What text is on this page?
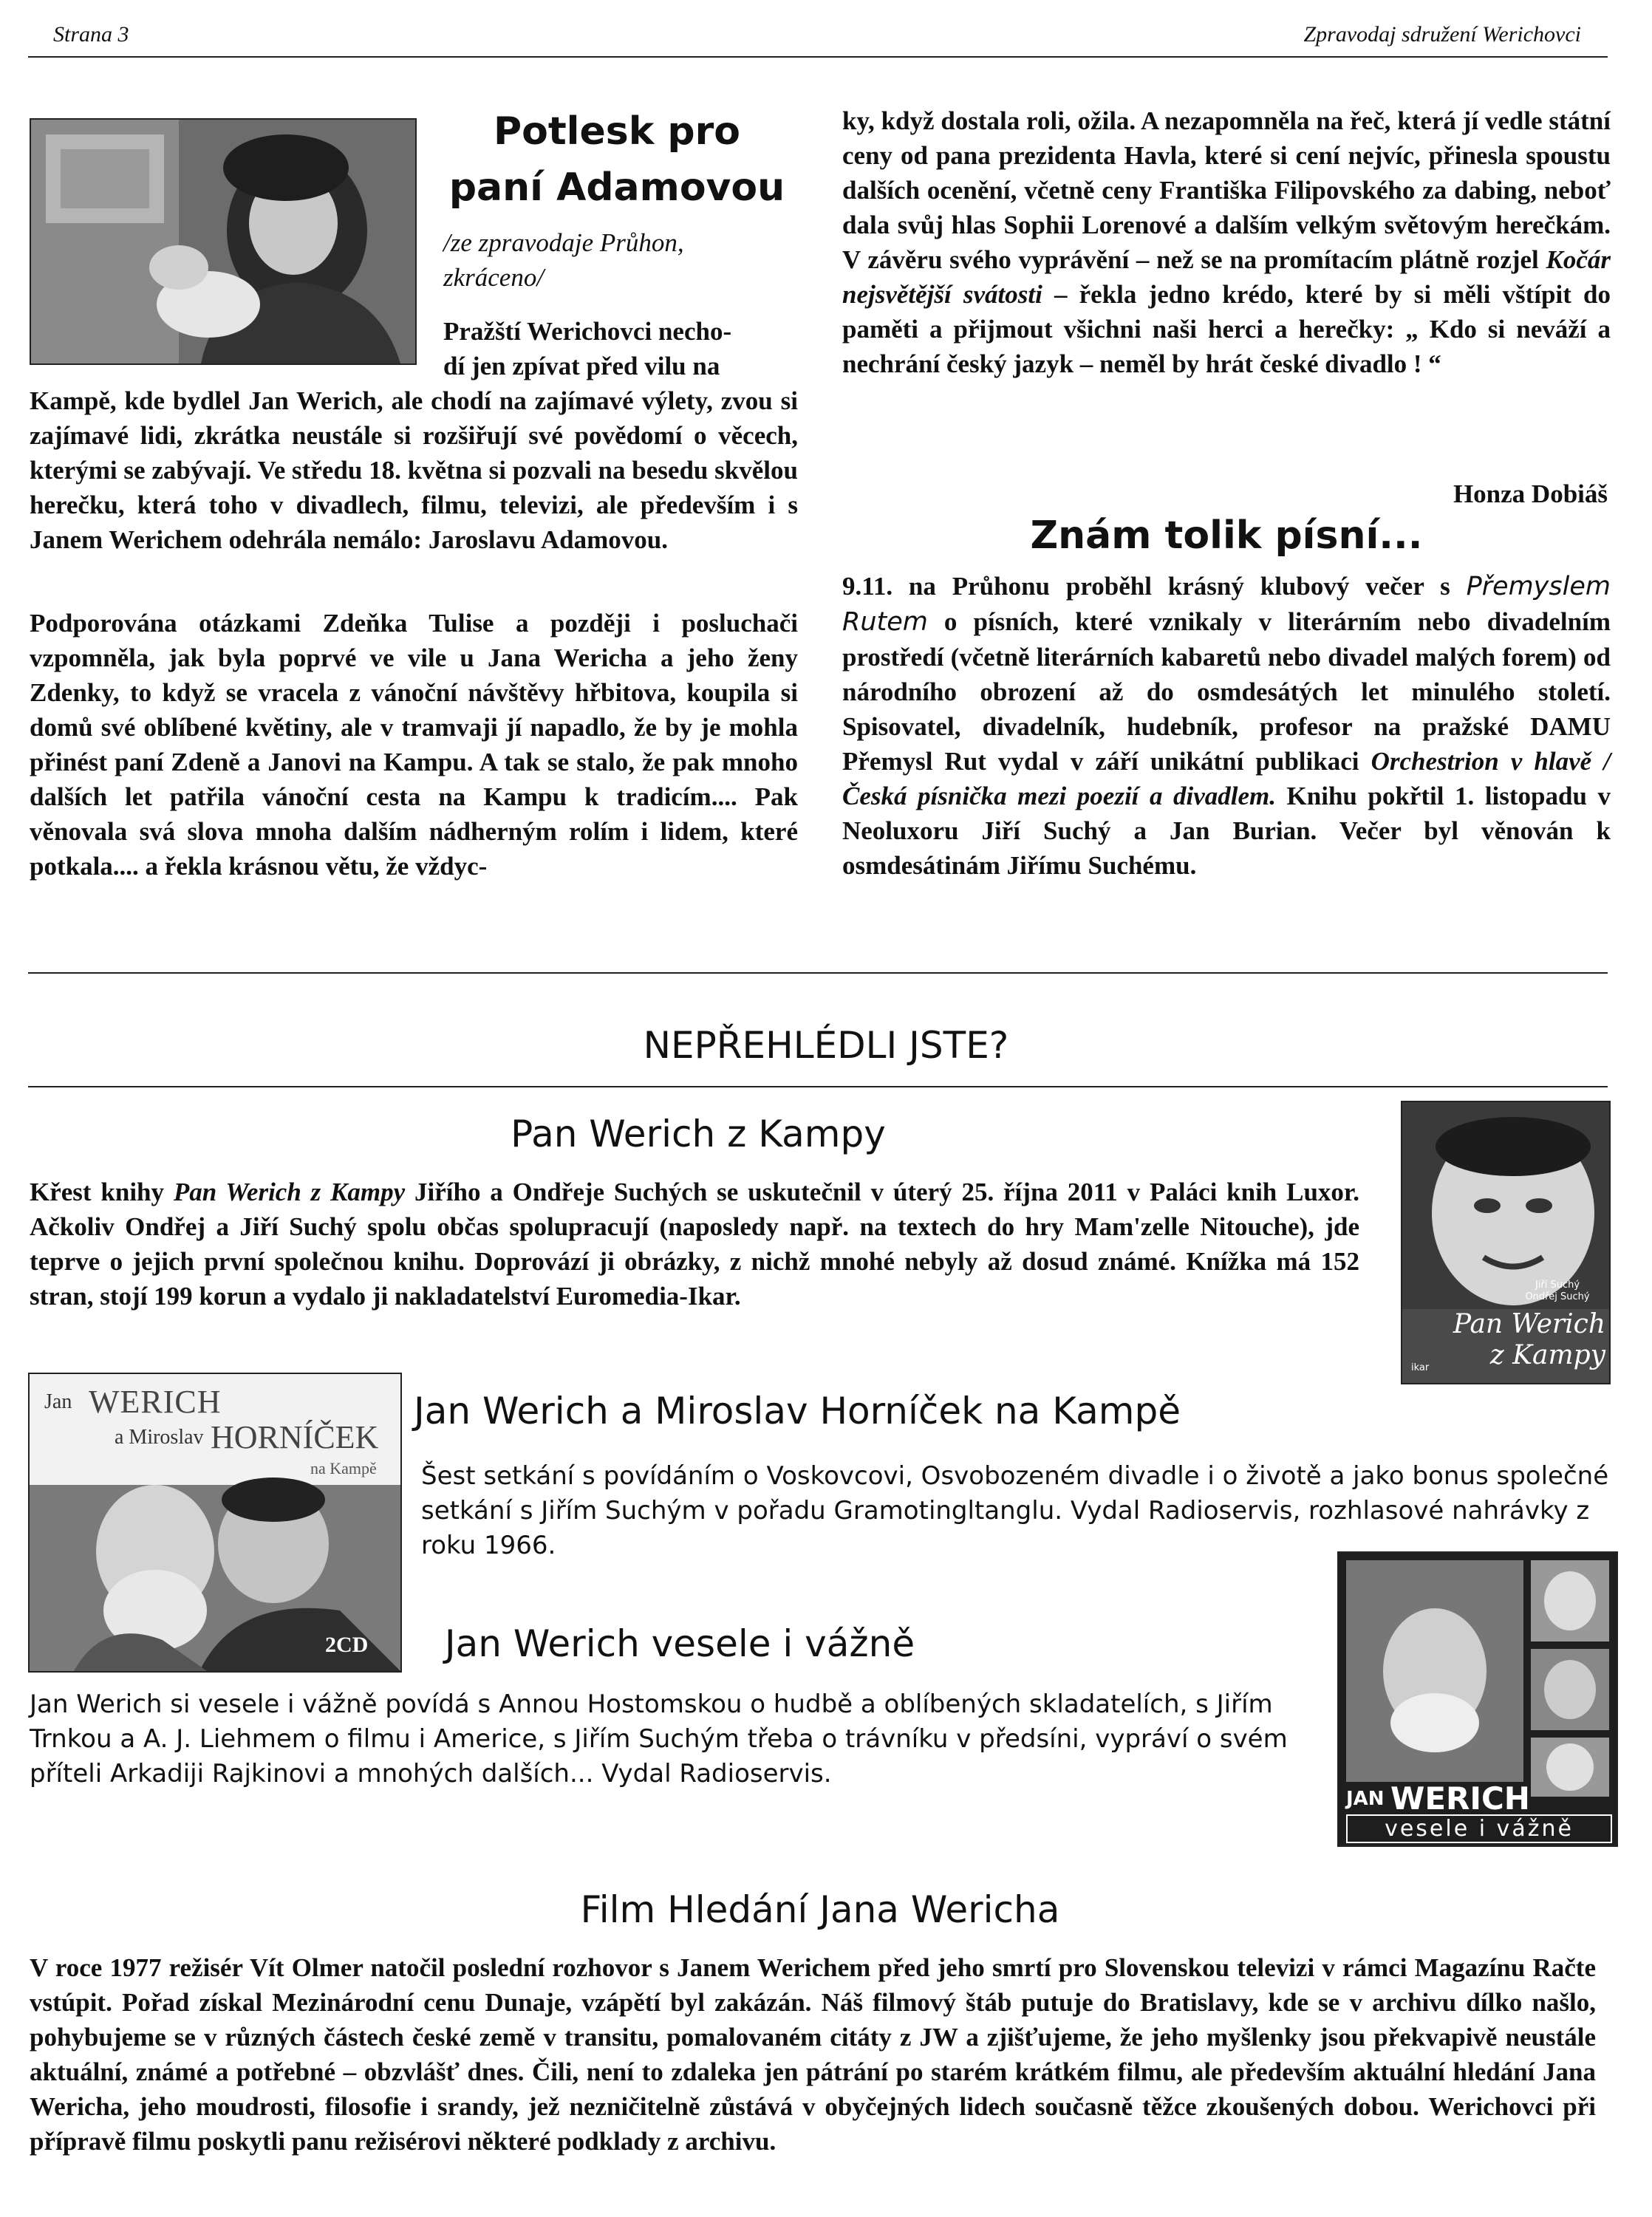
Strana 3	Zpravodaj sdružení Werichovci
Potlesk pro
paní Adamovou
/ze zpravodaje Průhon,
zkráceno/
Pražští Werichovci necho-
dí jen zpívat před vilu na
Kampě, kde bydlel Jan Werich, ale chodí na zajímavé výlety, zvou si zajímavé lidi, zkrátka neustále si rozšiřují své povědomí o věcech, kterými se zabývají. Ve středu 18. května si pozvali na besedu skvělou herečku, která toho v divadlech, filmu, televizi, ale především i s Janem Werichem odehrála nemálo: Jaroslavu Adamovou.
Podporována otázkami Zdeňka Tulise a později i posluchači vzpomněla, jak byla poprvé ve vile u Jana Wericha a jeho ženy Zdenky, to když se vracela z vánoční návštěvy hřbitova, koupila si domů své oblíbené květiny, ale v tramvaji jí napadlo, že by je mohla přinést paní Zdeně a Janovi na Kampu. A tak se stalo, že pak mnoho dalších let patřila vánoční cesta na Kampu k tradicím.... Pak věnovala svá slova mnoha dalším nádherným rolím i lidem, které potkala.... a řekla krásnou větu, že vždyc-
ky, když dostala roli, ožila. A nezapomněla na řeč, která jí vedle státní ceny od pana prezidenta Havla, které si cení nejvíc, přinesla spoustu dalších ocenění, včetně ceny Františka Filipovského za dabing, neboť dala svůj hlas Sophii Lorenové a dalším velkým světovým herečkám. V závěru svého vyprávění – než se na promítacím plátně rozjel Kočár nejsvětější svátosti – řekla jedno krédo, které by si měli vštípit do paměti a přijmout všichni naši herci a herečky: „ Kdo si neváží a nechrání český jazyk – neměl by hrát české divadlo ! “
Honza Dobiáš
Znám tolik písní...
9.11. na Průhonu proběhl krásný klubový večer s Přemyslem Rutem o písních, které vznikaly v literárním nebo divadelním prostředí (včetně literárních kabaretů nebo divadel malých forem) od národního obrození až do osmdesátých let minulého století. Spisovatel, divadelník, hudebník, profesor na pražské DAMU Přemysl Rut vydal v září unikátní publikaci Orchestrion v hlavě / Česká písnička mezi poezií a divadlem. Knihu pokřtil 1. listopadu v Neoluxoru Jiří Suchý a Jan Burian. Večer byl věnován k osmdesátinám Jiřímu Suchému.
NEPŘEHLÉDLI JSTE?
Pan Werich z Kampy
Křest knihy Pan Werich z Kampy Jiřího a Ondřeje Suchých se uskutečnil v úterý 25. října 2011 v Paláci knih Luxor. Ačkoliv Ondřej a Jiří Suchý spolu občas spolupracují (naposledy např. na textech do hry Mam'zelle Nitouche), jde teprve o jejich první společnou knihu. Doprovází ji obrázky, z nichž mnohé nebyly až dosud známé. Knížka má 152 stran, stojí 199 korun a vydalo ji nakladatelství Euromedia-Ikar.	Jiří Suchý
Ondřej Suchý
Pan Werich
z Kampy
ikar
Jan WERICH
a Miroslav HORNÍČEK
na Kampě
2CD
Jan Werich a Miroslav Horníček na Kampě
Šest setkání s povídáním o Voskovcovi, Osvobozeném divadle i o životě a jako bonus společné setkání s Jiřím Suchým v pořadu Gramotingltanglu. Vydal Radioservis, rozhlasové nahrávky z roku 1966.
JAN WERICH
vesele i vážně
Jan Werich vesele i vážně
Jan Werich si vesele i vážně povídá s Annou Hostomskou o hudbě a oblíbených skladatelích, s Jiřím Trnkou a A. J. Liehmem o filmu i Americe, s Jiřím Suchým třeba o trávníku v předsíni, vypráví o svém příteli Arkadiji Rajkinovi a mnohých dalších... Vydal Radioservis.
Film Hledání Jana Wericha
V roce 1977 režisér Vít Olmer natočil poslední rozhovor s Janem Werichem před jeho smrtí pro Slovenskou televizi v rámci Magazínu Račte vstúpit. Pořad získal Mezinárodní cenu Dunaje, vzápětí byl zakázán. Náš filmový štáb putuje do Bratislavy, kde se v archivu dílko našlo, pohybujeme se v různých částech české země v transitu, pomalovaném citáty z JW a zjišťujeme, že jeho myšlenky jsou překvapivě neustále aktuální, známé a potřebné – obzvlášť dnes. Čili, není to zdaleka jen pátrání po starém krátkém filmu, ale především aktuální hledání Jana Wericha, jeho moudrosti, filosofie i srandy, jež nezničitelně zůstává v obyčejných lidech současně těžce zkoušených dobou. Werichovci při přípravě filmu poskytli panu režisérovi některé podklady z archivu.
